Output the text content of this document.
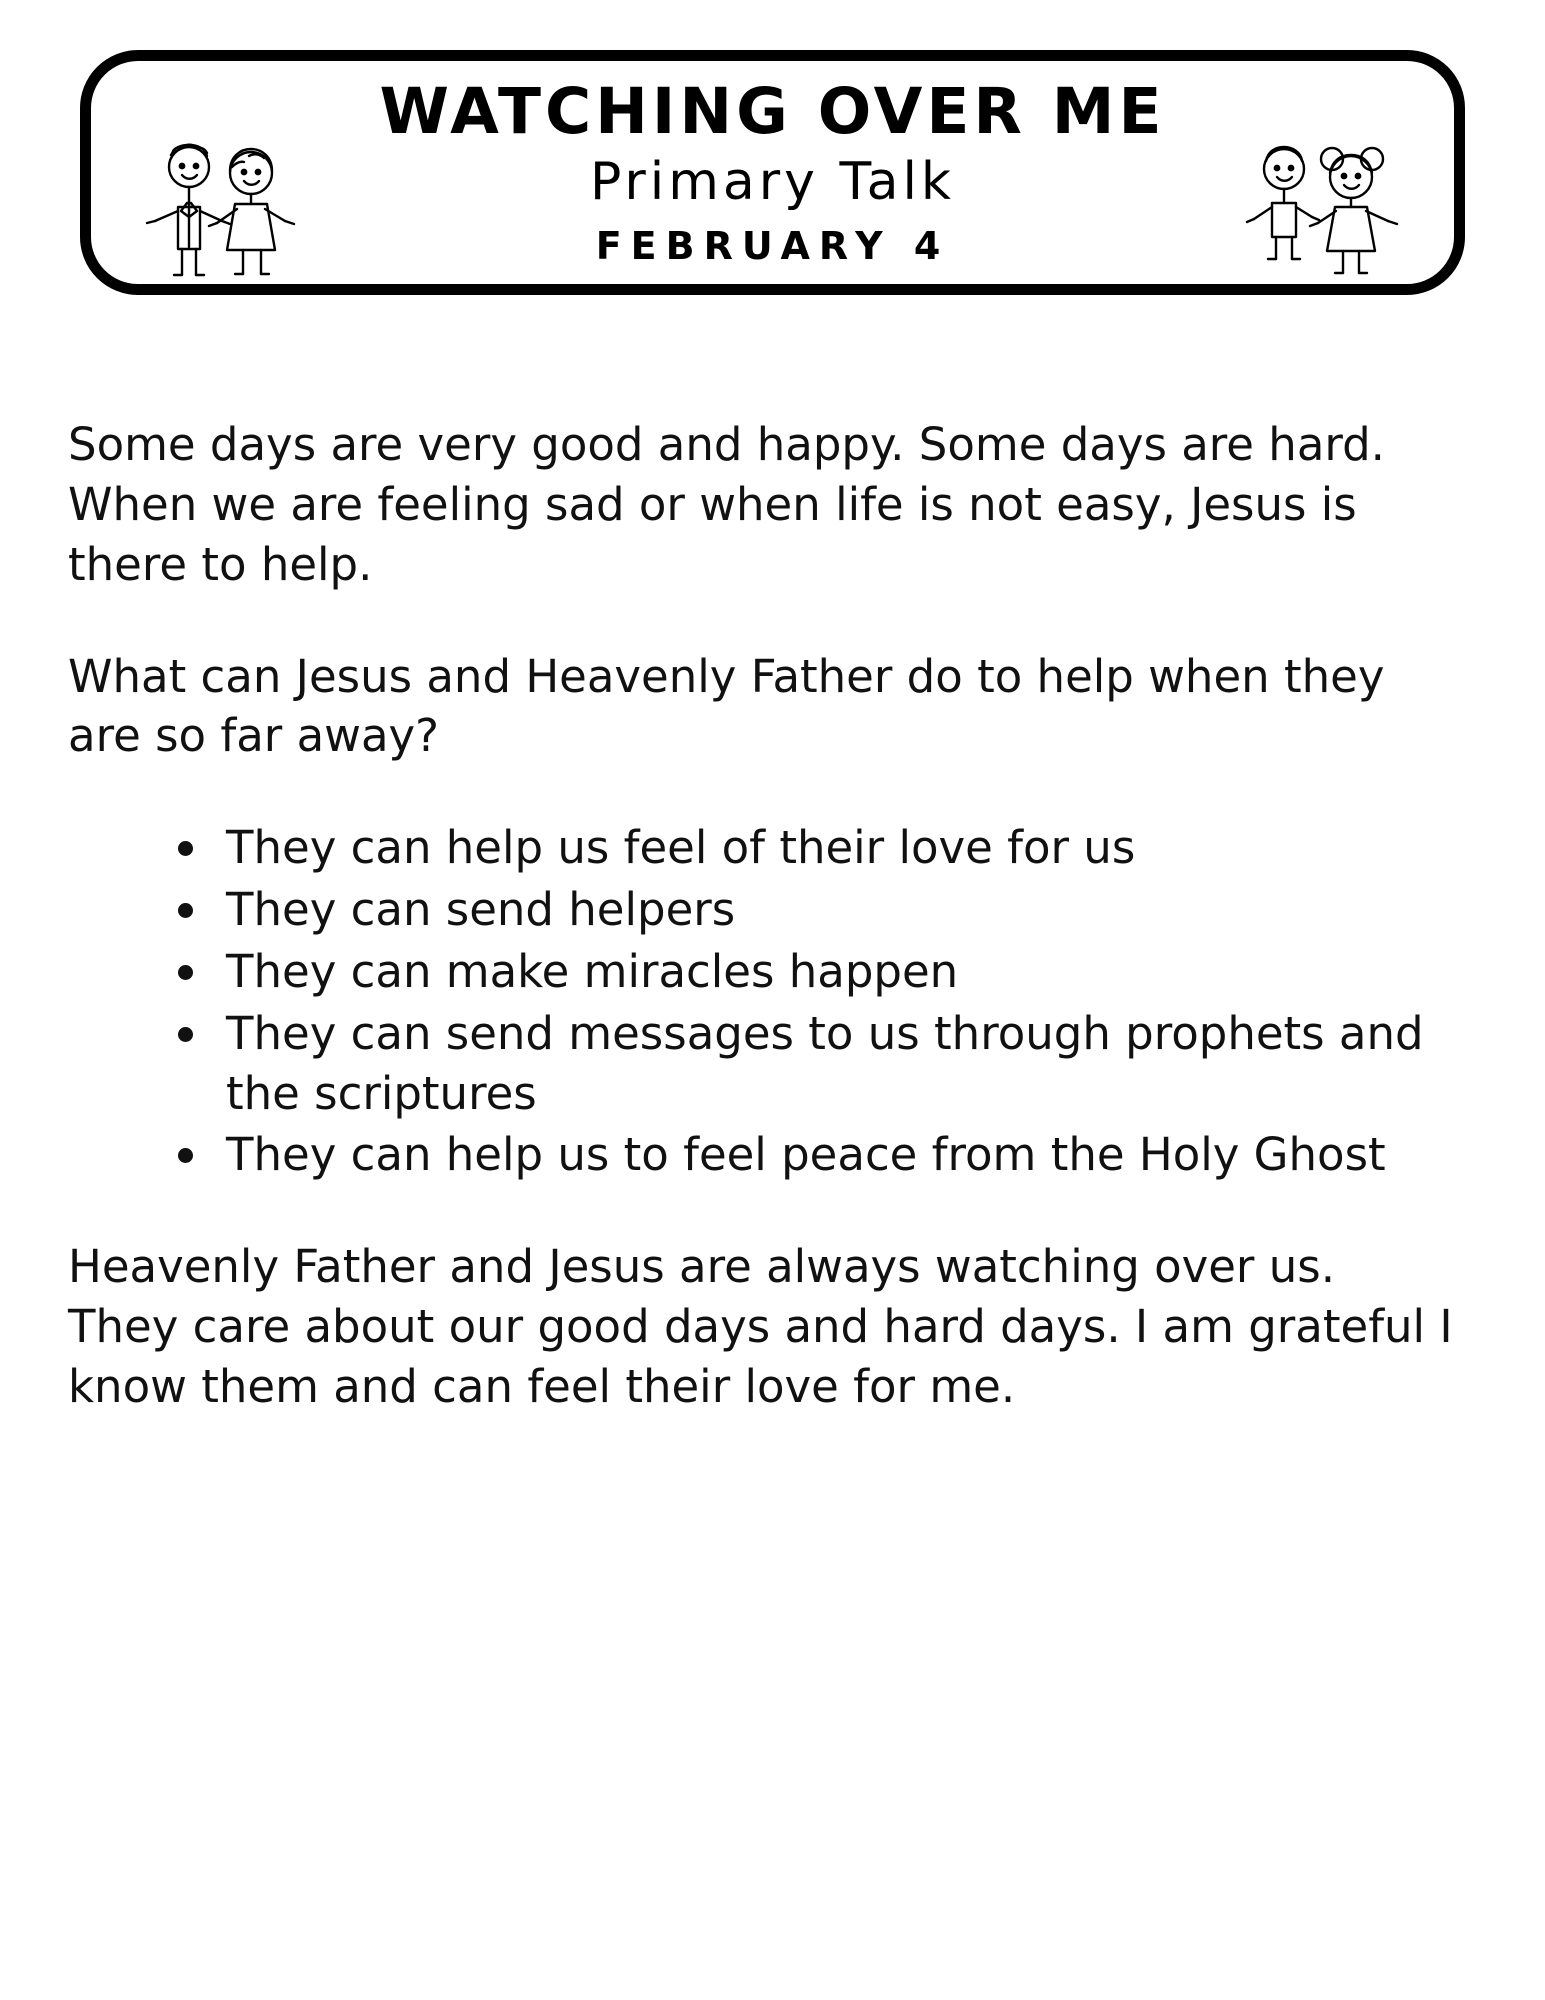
WATCHING OVER ME
Primary Talk
FEBRUARY 4

Some days are very good and happy. Some days are hard. When we are feeling sad or when life is not easy, Jesus is there to help.

What can Jesus and Heavenly Father do to help when they are so far away?

They can help us feel of their love for us
They can send helpers
They can make miracles happen
They can send messages to us through prophets and the scriptures
They can help us to feel peace from the Holy Ghost

Heavenly Father and Jesus are always watching over us. They care about our good days and hard days. I am grateful I know them and can feel their love for me.
